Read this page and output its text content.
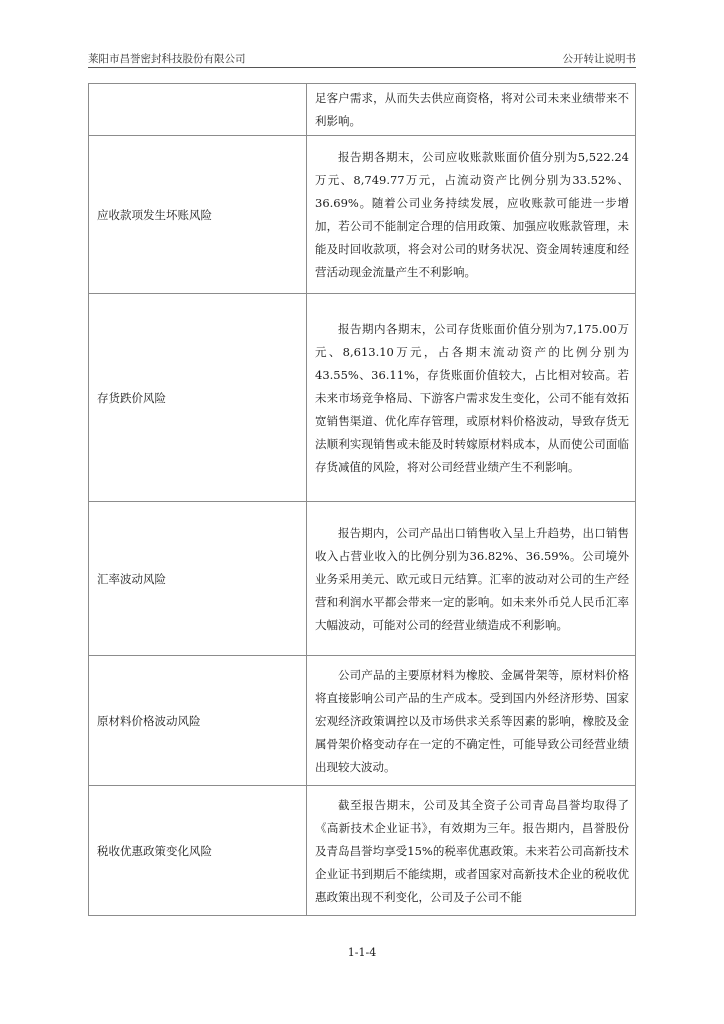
莱阳市昌誉密封科技股份有限公司	公开转让说明书

	足客户需求，从而失去供应商资格，将对公司未来业绩带来不利影响。

应收款项发生坏账风险	报告期各期末，公司应收账款账面价值分别为5,522.24万元、8,749.77万元，占流动资产比例分别为33.52%、36.69%。随着公司业务持续发展，应收账款可能进一步增加，若公司不能制定合理的信用政策、加强应收账款管理，未能及时回收款项，将会对公司的财务状况、资金周转速度和经营活动现金流量产生不利影响。

存货跌价风险	报告期内各期末，公司存货账面价值分别为7,175.00万元、8,613.10万元，占各期末流动资产的比例分别为43.55%、36.11%，存货账面价值较大，占比相对较高。若未来市场竞争格局、下游客户需求发生变化，公司不能有效拓宽销售渠道、优化库存管理，或原材料价格波动，导致存货无法顺利实现销售或未能及时转嫁原材料成本，从而使公司面临存货减值的风险，将对公司经营业绩产生不利影响。

汇率波动风险	报告期内，公司产品出口销售收入呈上升趋势，出口销售收入占营业收入的比例分别为36.82%、36.59%。公司境外业务采用美元、欧元或日元结算。汇率的波动对公司的生产经营和利润水平都会带来一定的影响。如未来外币兑人民币汇率大幅波动，可能对公司的经营业绩造成不利影响。

原材料价格波动风险	公司产品的主要原材料为橡胶、金属骨架等，原材料价格将直接影响公司产品的生产成本。受到国内外经济形势、国家宏观经济政策调控以及市场供求关系等因素的影响，橡胶及金属骨架价格变动存在一定的不确定性，可能导致公司经营业绩出现较大波动。

税收优惠政策变化风险	截至报告期末，公司及其全资子公司青岛昌誉均取得了《高新技术企业证书》，有效期为三年。报告期内，昌誉股份及青岛昌誉均享受15%的税率优惠政策。未来若公司高新技术企业证书到期后不能续期，或者国家对高新技术企业的税收优惠政策出现不利变化，公司及子公司不能

1-1-4
